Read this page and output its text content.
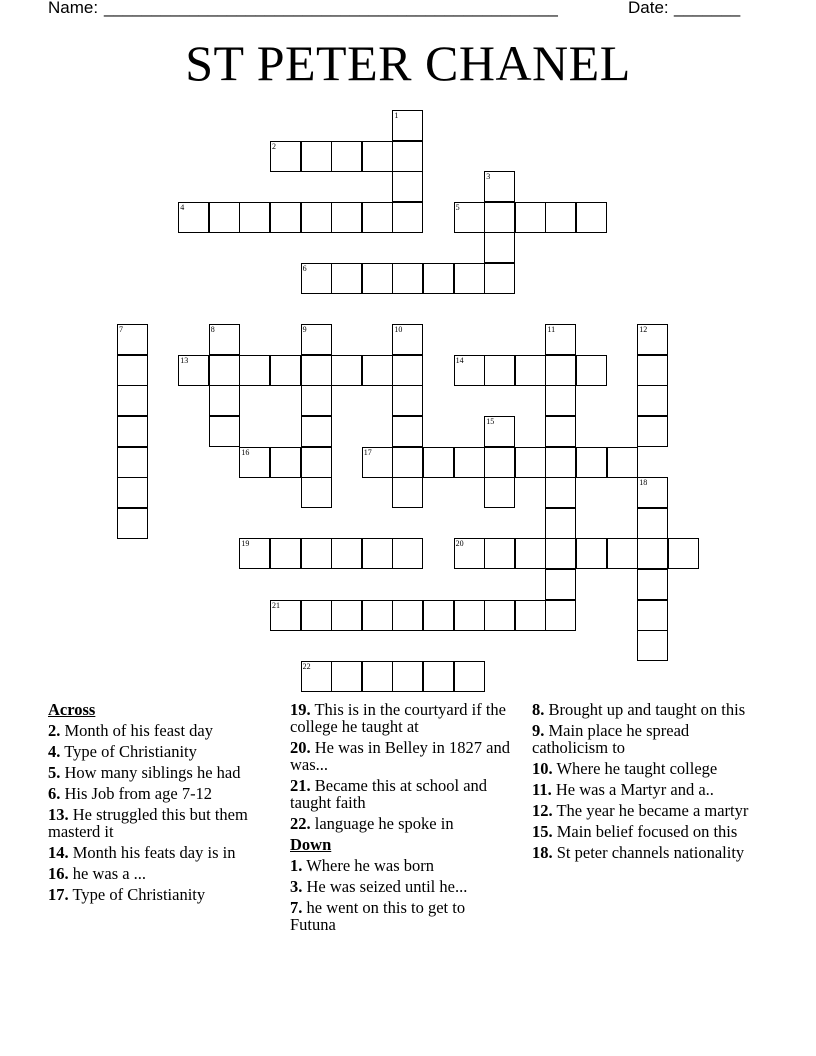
Name: ________________________________________________	Date: _______
ST PETER CHANEL
1
2
3
4	5
6
7	8	9	10	11	12
13	14
15
16	17
18
19	20
21
22
Across
2. Month of his feast day
4. Type of Christianity
5. How many siblings he had
6. His Job from age 7-12
13. He struggled this but them masterd it
14. Month his feats day is in
16. he was a ...
17. Type of Christianity
19. This is in the courtyard if the college he taught at
20. He was in Belley in 1827 and was...
21. Became this at school and taught faith
22. language he spoke in
Down
1. Where he was born
3. He was seized until he...
7. he went on this to get to Futuna
8. Brought up and taught on this
9. Main place he spread catholicism to
10. Where he taught college
11. He was a Martyr and a..
12. The year he became a martyr
15. Main belief focused on this
18. St peter channels nationality
